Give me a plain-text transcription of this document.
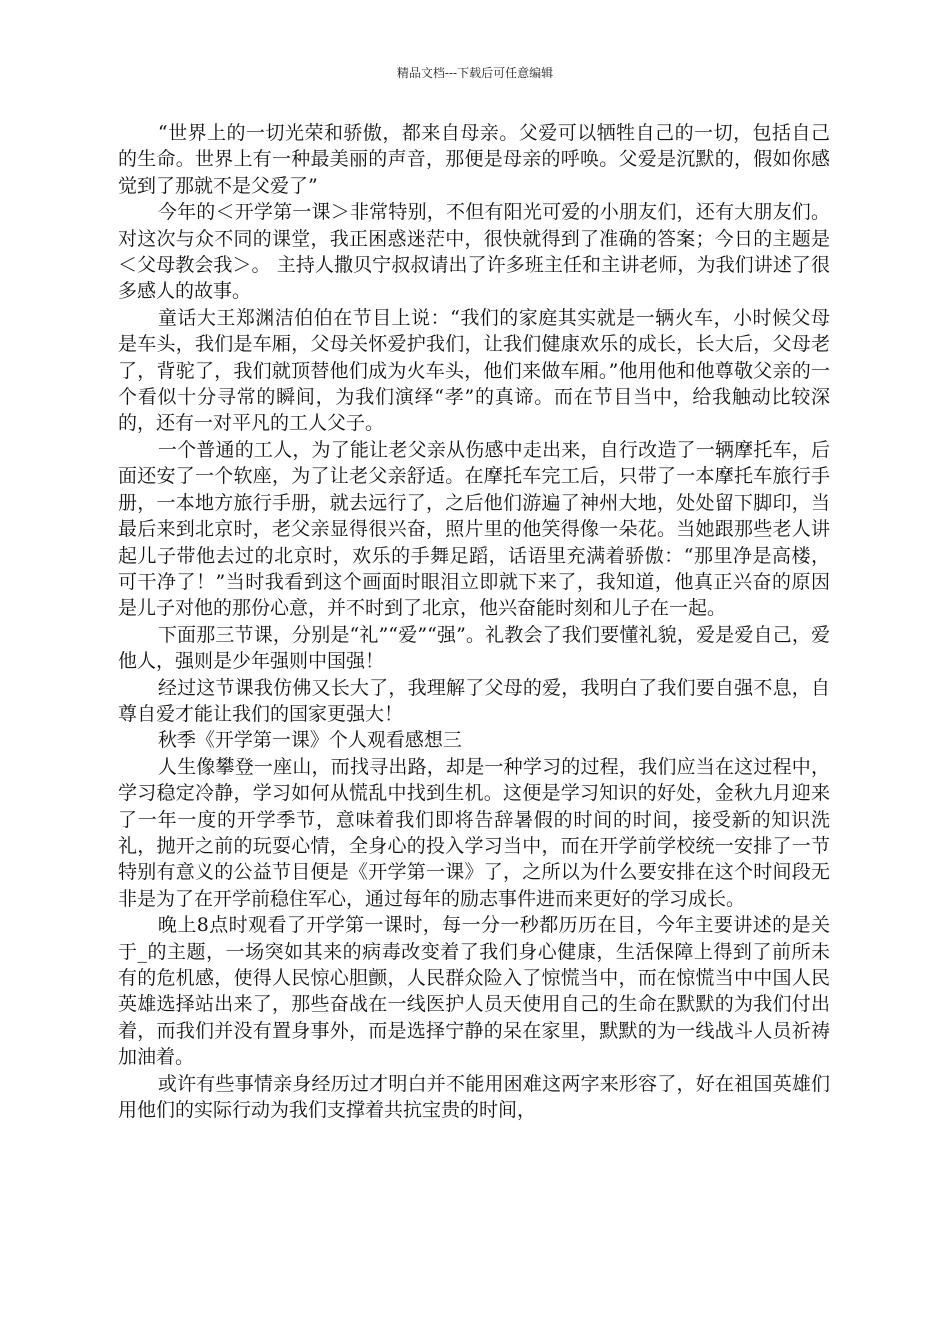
精品文档---下载后可任意编辑

“世界上的一切光荣和骄傲，都来自母亲。父爱可以牺牲自己的一切，包括自己的生命。世界上有一种最美丽的声音，那便是母亲的呼唤。父爱是沉默的，假如你感觉到了那就不是父爱了”

今年的＜开学第一课＞非常特别，不但有阳光可爱的小朋友们，还有大朋友们。对这次与众不同的课堂，我正困惑迷茫中，很快就得到了准确的答案；今日的主题是＜父母教会我＞。 主持人撒贝宁叔叔请出了许多班主任和主讲老师，为我们讲述了很多感人的故事。

童话大王郑渊洁伯伯在节目上说：“我们的家庭其实就是一辆火车，小时候父母是车头，我们是车厢，父母关怀爱护我们，让我们健康欢乐的成长，长大后，父母老了，背驼了，我们就顶替他们成为火车头，他们来做车厢。”他用他和他尊敬父亲的一个看似十分寻常的瞬间，为我们演绎“孝”的真谛。而在节目当中，给我触动比较深的，还有一对平凡的工人父子。

一个普通的工人，为了能让老父亲从伤感中走出来，自行改造了一辆摩托车，后面还安了一个软座，为了让老父亲舒适。在摩托车完工后，只带了一本摩托车旅行手册，一本地方旅行手册，就去远行了，之后他们游遍了神州大地，处处留下脚印，当最后来到北京时，老父亲显得很兴奋，照片里的他笑得像一朵花。当她跟那些老人讲起儿子带他去过的北京时，欢乐的手舞足蹈，话语里充满着骄傲：“那里净是高楼，可干净了！”当时我看到这个画面时眼泪立即就下来了，我知道，他真正兴奋的原因是儿子对他的那份心意，并不时到了北京，他兴奋能时刻和儿子在一起。

下面那三节课，分别是“礼”“爱”“强”。礼教会了我们要懂礼貌，爱是爱自己，爱他人，强则是少年强则中国强！

经过这节课我仿佛又长大了，我理解了父母的爱，我明白了我们要自强不息，自尊自爱才能让我们的国家更强大！

秋季《开学第一课》个人观看感想三

人生像攀登一座山，而找寻出路，却是一种学习的过程，我们应当在这过程中，学习稳定冷静，学习如何从慌乱中找到生机。这便是学习知识的好处，金秋九月迎来了一年一度的开学季节，意味着我们即将告辞暑假的时间的时间，接受新的知识洗礼，抛开之前的玩耍心情，全身心的投入学习当中，而在开学前学校统一安排了一节特别有意义的公益节目便是《开学第一课》了，之所以为什么要安排在这个时间段无非是为了在开学前稳住军心，通过每年的励志事件进而来更好的学习成长。

晚上8点时观看了开学第一课时，每一分一秒都历历在目，今年主要讲述的是关于_的主题，一场突如其来的病毒改变着了我们身心健康，生活保障上得到了前所未有的危机感，使得人民惊心胆颤，人民群众险入了惊慌当中，而在惊慌当中中国人民英雄选择站出来了，那些奋战在一线医护人员天使用自己的生命在默默的为我们付出着，而我们并没有置身事外，而是选择宁静的呆在家里，默默的为一线战斗人员祈祷加油着。

或许有些事情亲身经历过才明白并不能用困难这两字来形容了，好在祖国英雄们用他们的实际行动为我们支撑着共抗宝贵的时间，
